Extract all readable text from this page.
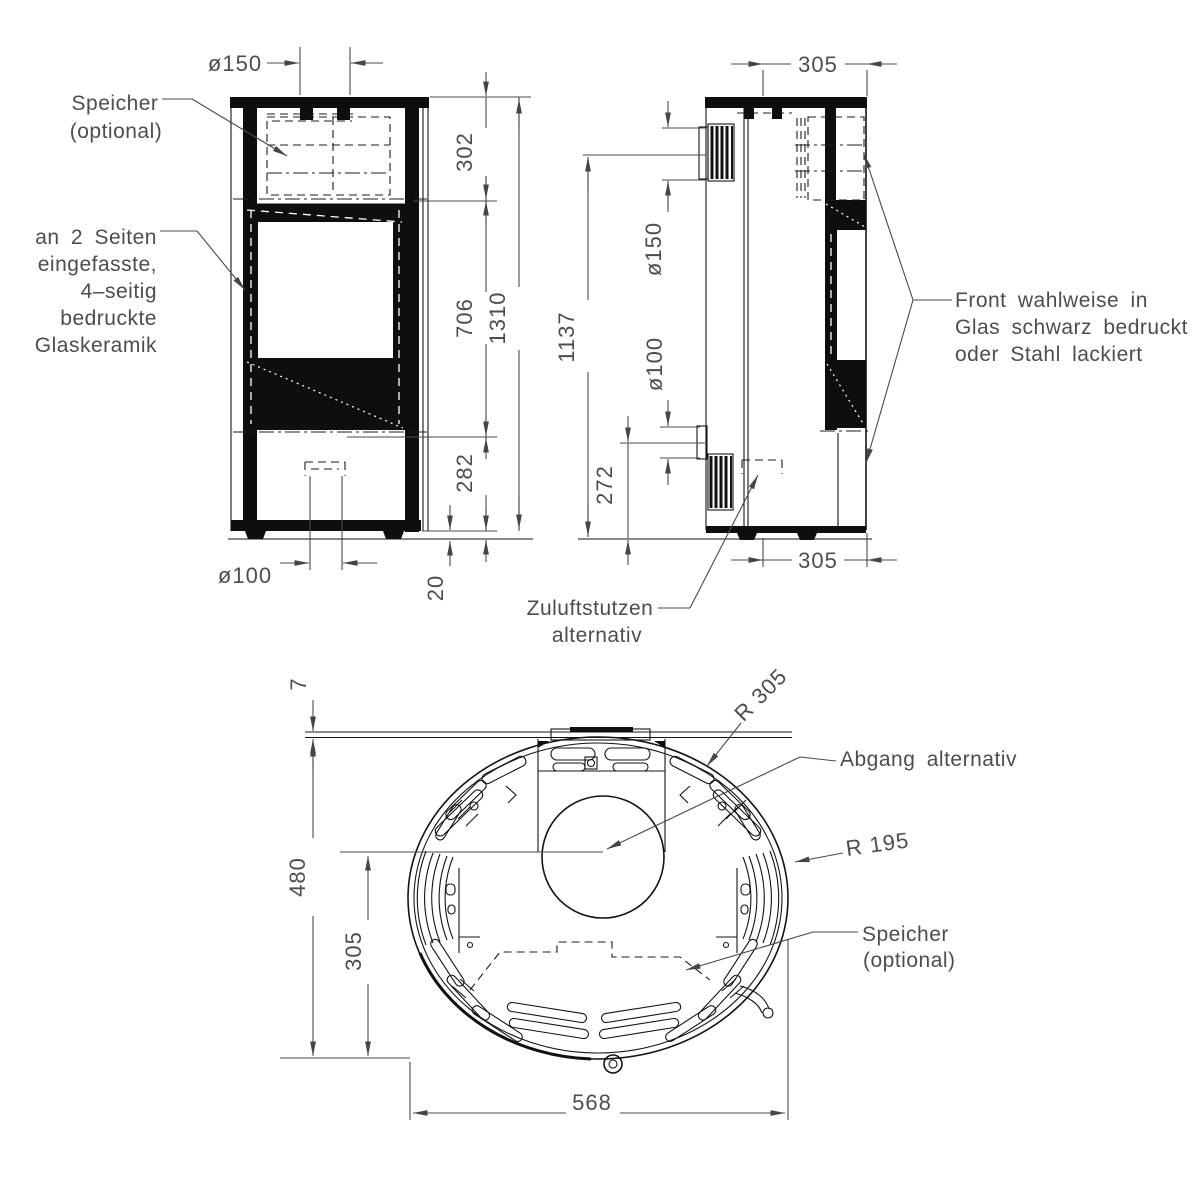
ø150
302
706
282
1310
20
ø100
Speicher
(optional)
an 2 Seiten
eingefasste,
4–seitig
bedruckte
Glaskeramik
305
ø150
1137	ø100
272
305
Front wahlweise in
Glas schwarz bedruckt
oder Stahl lackiert
Zuluftstutzen
alternativ
7
480
305
568
R 305
R 195
Abgang alternativ
Speicher
(optional)
